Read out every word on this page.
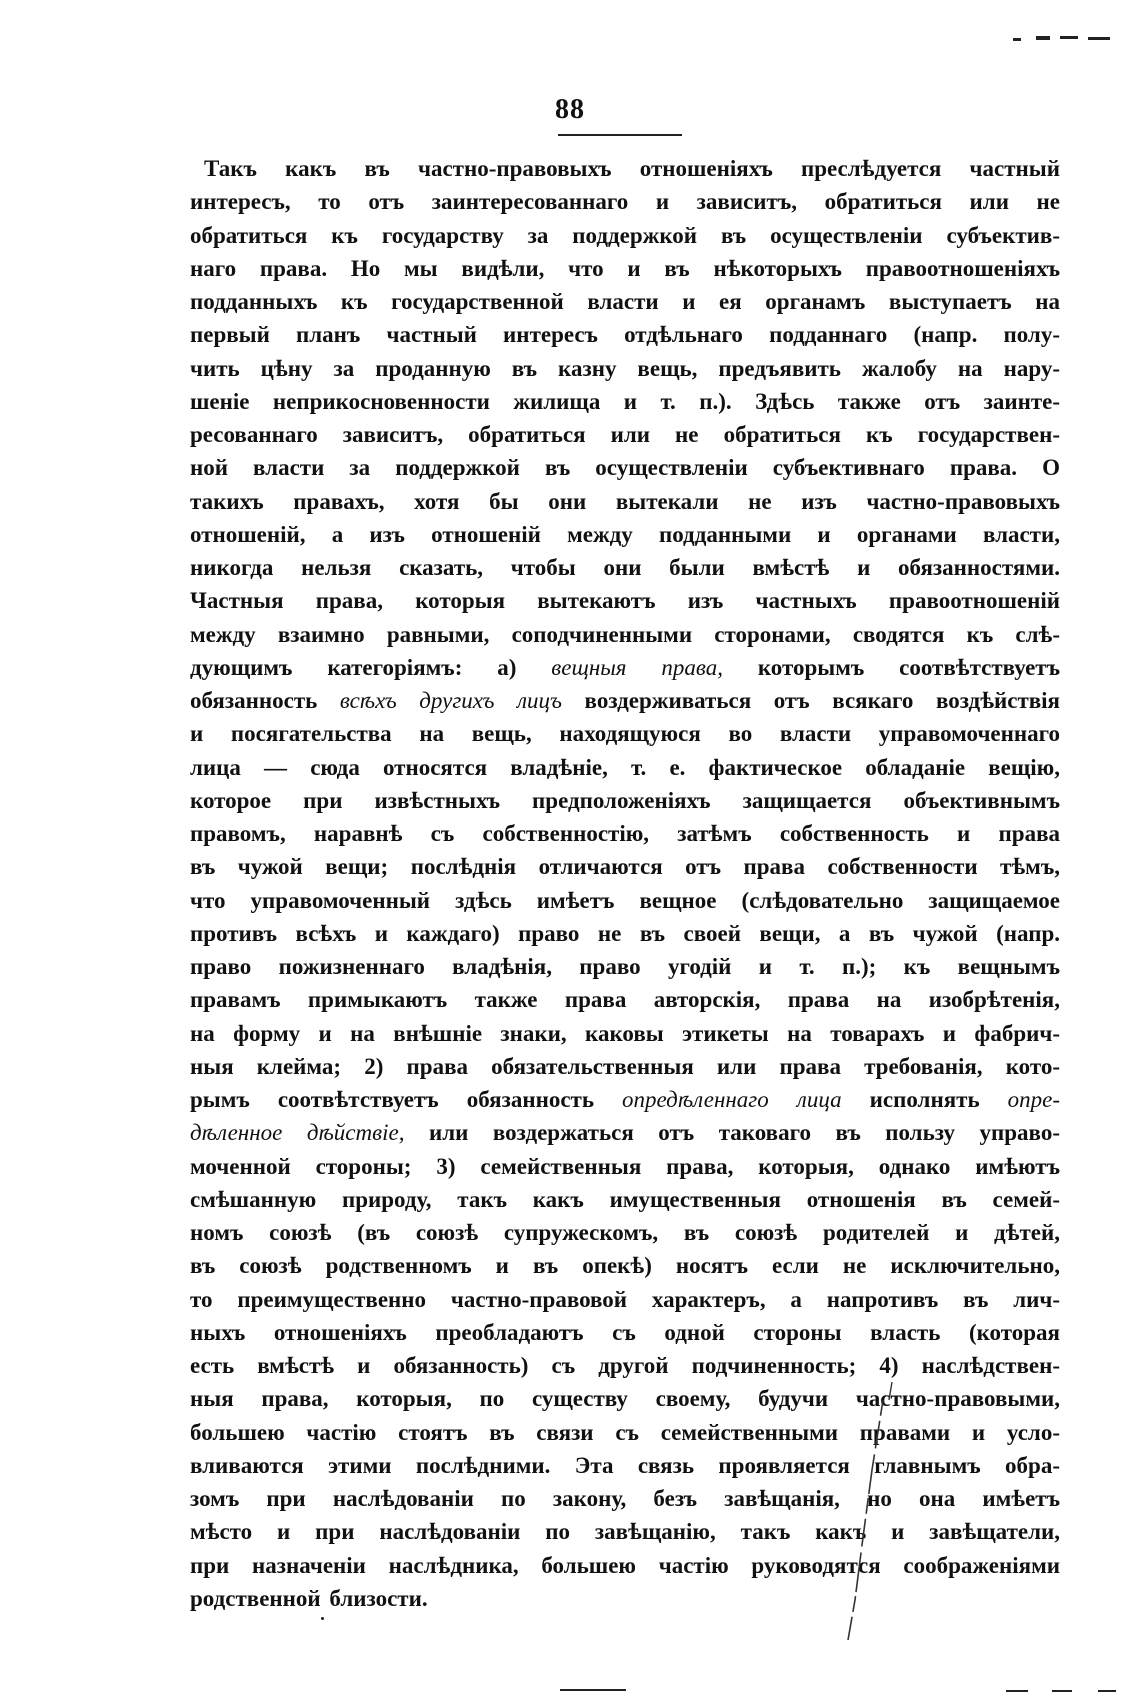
88
Такъ какъ въ частно-правовыхъ отношеніяхъ преслѣдуется частный
интересъ, то отъ заинтересованнаго и зависитъ, обратиться или не
обратиться къ государству за поддержкой въ осуществленіи субъектив-
наго права. Но мы видѣли, что и въ нѣкоторыхъ правоотношеніяхъ
подданныхъ къ государственной власти и ея органамъ выступаетъ на
первый планъ частный интересъ отдѣльнаго подданнаго (напр. полу-
чить цѣну за проданную въ казну вещь, предъявить жалобу на нару-
шеніе неприкосновенности жилища и т. п.). Здѣсь также отъ заинте-
ресованнаго зависитъ, обратиться или не обратиться къ государствен-
ной власти за поддержкой въ осуществленіи субъективнаго права. О
такихъ правахъ, хотя бы они вытекали не изъ частно-правовыхъ
отношеній, а изъ отношеній между подданными и органами власти,
никогда нельзя сказать, чтобы они были вмѣстѣ и обязанностями.
Частныя права, которыя вытекаютъ изъ частныхъ правоотношеній
между взаимно равными, соподчиненными сторонами, сводятся къ слѣ-
дующимъ категоріямъ: а) вещныя права, которымъ соотвѣтствуетъ
обязанность всѣхъ другихъ лицъ воздерживаться отъ всякаго воздѣйствія
и посягательства на вещь, находящуюся во власти управомоченнаго
лица — сюда относятся владѣніе, т. е. фактическое обладаніе вещію,
которое при извѣстныхъ предположеніяхъ защищается объективнымъ
правомъ, наравнѣ съ собственностію, затѣмъ собственность и права
въ чужой вещи; послѣднія отличаются отъ права собственности тѣмъ,
что управомоченный здѣсь имѣетъ вещное (слѣдовательно защищаемое
противъ всѣхъ и каждаго) право не въ своей вещи, а въ чужой (напр.
право пожизненнаго владѣнія, право угодій и т. п.); къ вещнымъ
правамъ примыкаютъ также права авторскія, права на изобрѣтенія,
на форму и на внѣшніе знаки, каковы этикеты на товарахъ и фабрич-
ныя клейма; 2) права обязательственныя или права требованія, кото-
рымъ соотвѣтствуетъ обязанность опредѣленнаго лица исполнять опре-
дѣленное дѣйствіе, или воздержаться отъ таковаго въ пользу управо-
моченной стороны; 3) семейственныя права, которыя, однако имѣютъ
смѣшанную природу, такъ какъ имущественныя отношенія въ семей-
номъ союзѣ (въ союзѣ супружескомъ, въ союзѣ родителей и дѣтей,
въ союзѣ родственномъ и въ опекѣ) носятъ если не исключительно,
то преимущественно частно-правовой характеръ, а напротивъ въ лич-
ныхъ отношеніяхъ преобладаютъ съ одной стороны власть (которая
есть вмѣстѣ и обязанность) съ другой подчиненность; 4) наслѣдствен-
ныя права, которыя, по существу своему, будучи частно-правовыми,
большею частію стоятъ въ связи съ семейственными правами и усло-
вливаются этими послѣдними. Эта связь проявляется главнымъ обра-
зомъ при наслѣдованіи по закону, безъ завѣщанія, но она имѣетъ
мѣсто и при наслѣдованіи по завѣщанію, такъ какъ и завѣщатели,
при назначеніи наслѣдника, большею частію руководятся соображеніями
родственной близости.
